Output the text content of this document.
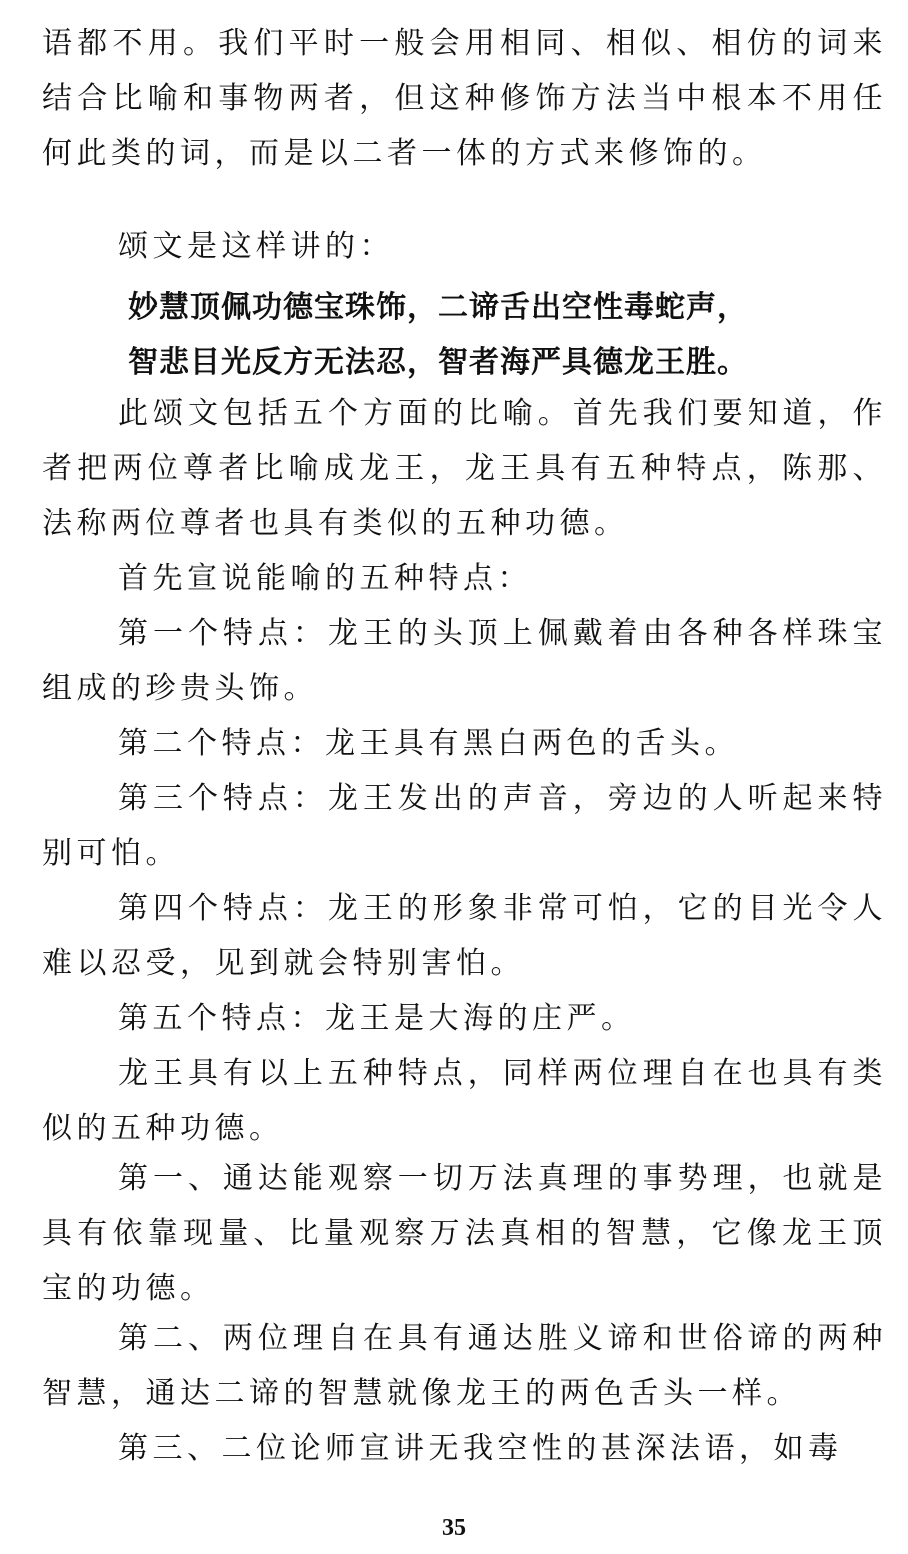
语都不用。我们平时一般会用相同、相似、相仿的词来结合比喻和事物两者，但这种修饰方法当中根本不用任何此类的词，而是以二者一体的方式来修饰的。

颂文是这样讲的：

妙慧顶佩功德宝珠饰，二谛舌出空性毒蛇声，

智悲目光反方无法忍，智者海严具德龙王胜。

此颂文包括五个方面的比喻。首先我们要知道，作者把两位尊者比喻成龙王，龙王具有五种特点，陈那、法称两位尊者也具有类似的五种功德。

首先宣说能喻的五种特点：

第一个特点：龙王的头顶上佩戴着由各种各样珠宝组成的珍贵头饰。

第二个特点：龙王具有黑白两色的舌头。

第三个特点：龙王发出的声音，旁边的人听起来特别可怕。

第四个特点：龙王的形象非常可怕，它的目光令人难以忍受，见到就会特别害怕。

第五个特点：龙王是大海的庄严。

龙王具有以上五种特点，同样两位理自在也具有类似的五种功德。

第一、通达能观察一切万法真理的事势理，也就是具有依靠现量、比量观察万法真相的智慧，它像龙王顶宝的功德。

第二、两位理自在具有通达胜义谛和世俗谛的两种智慧，通达二谛的智慧就像龙王的两色舌头一样。

第三、二位论师宣讲无我空性的甚深法语，如毒

35
